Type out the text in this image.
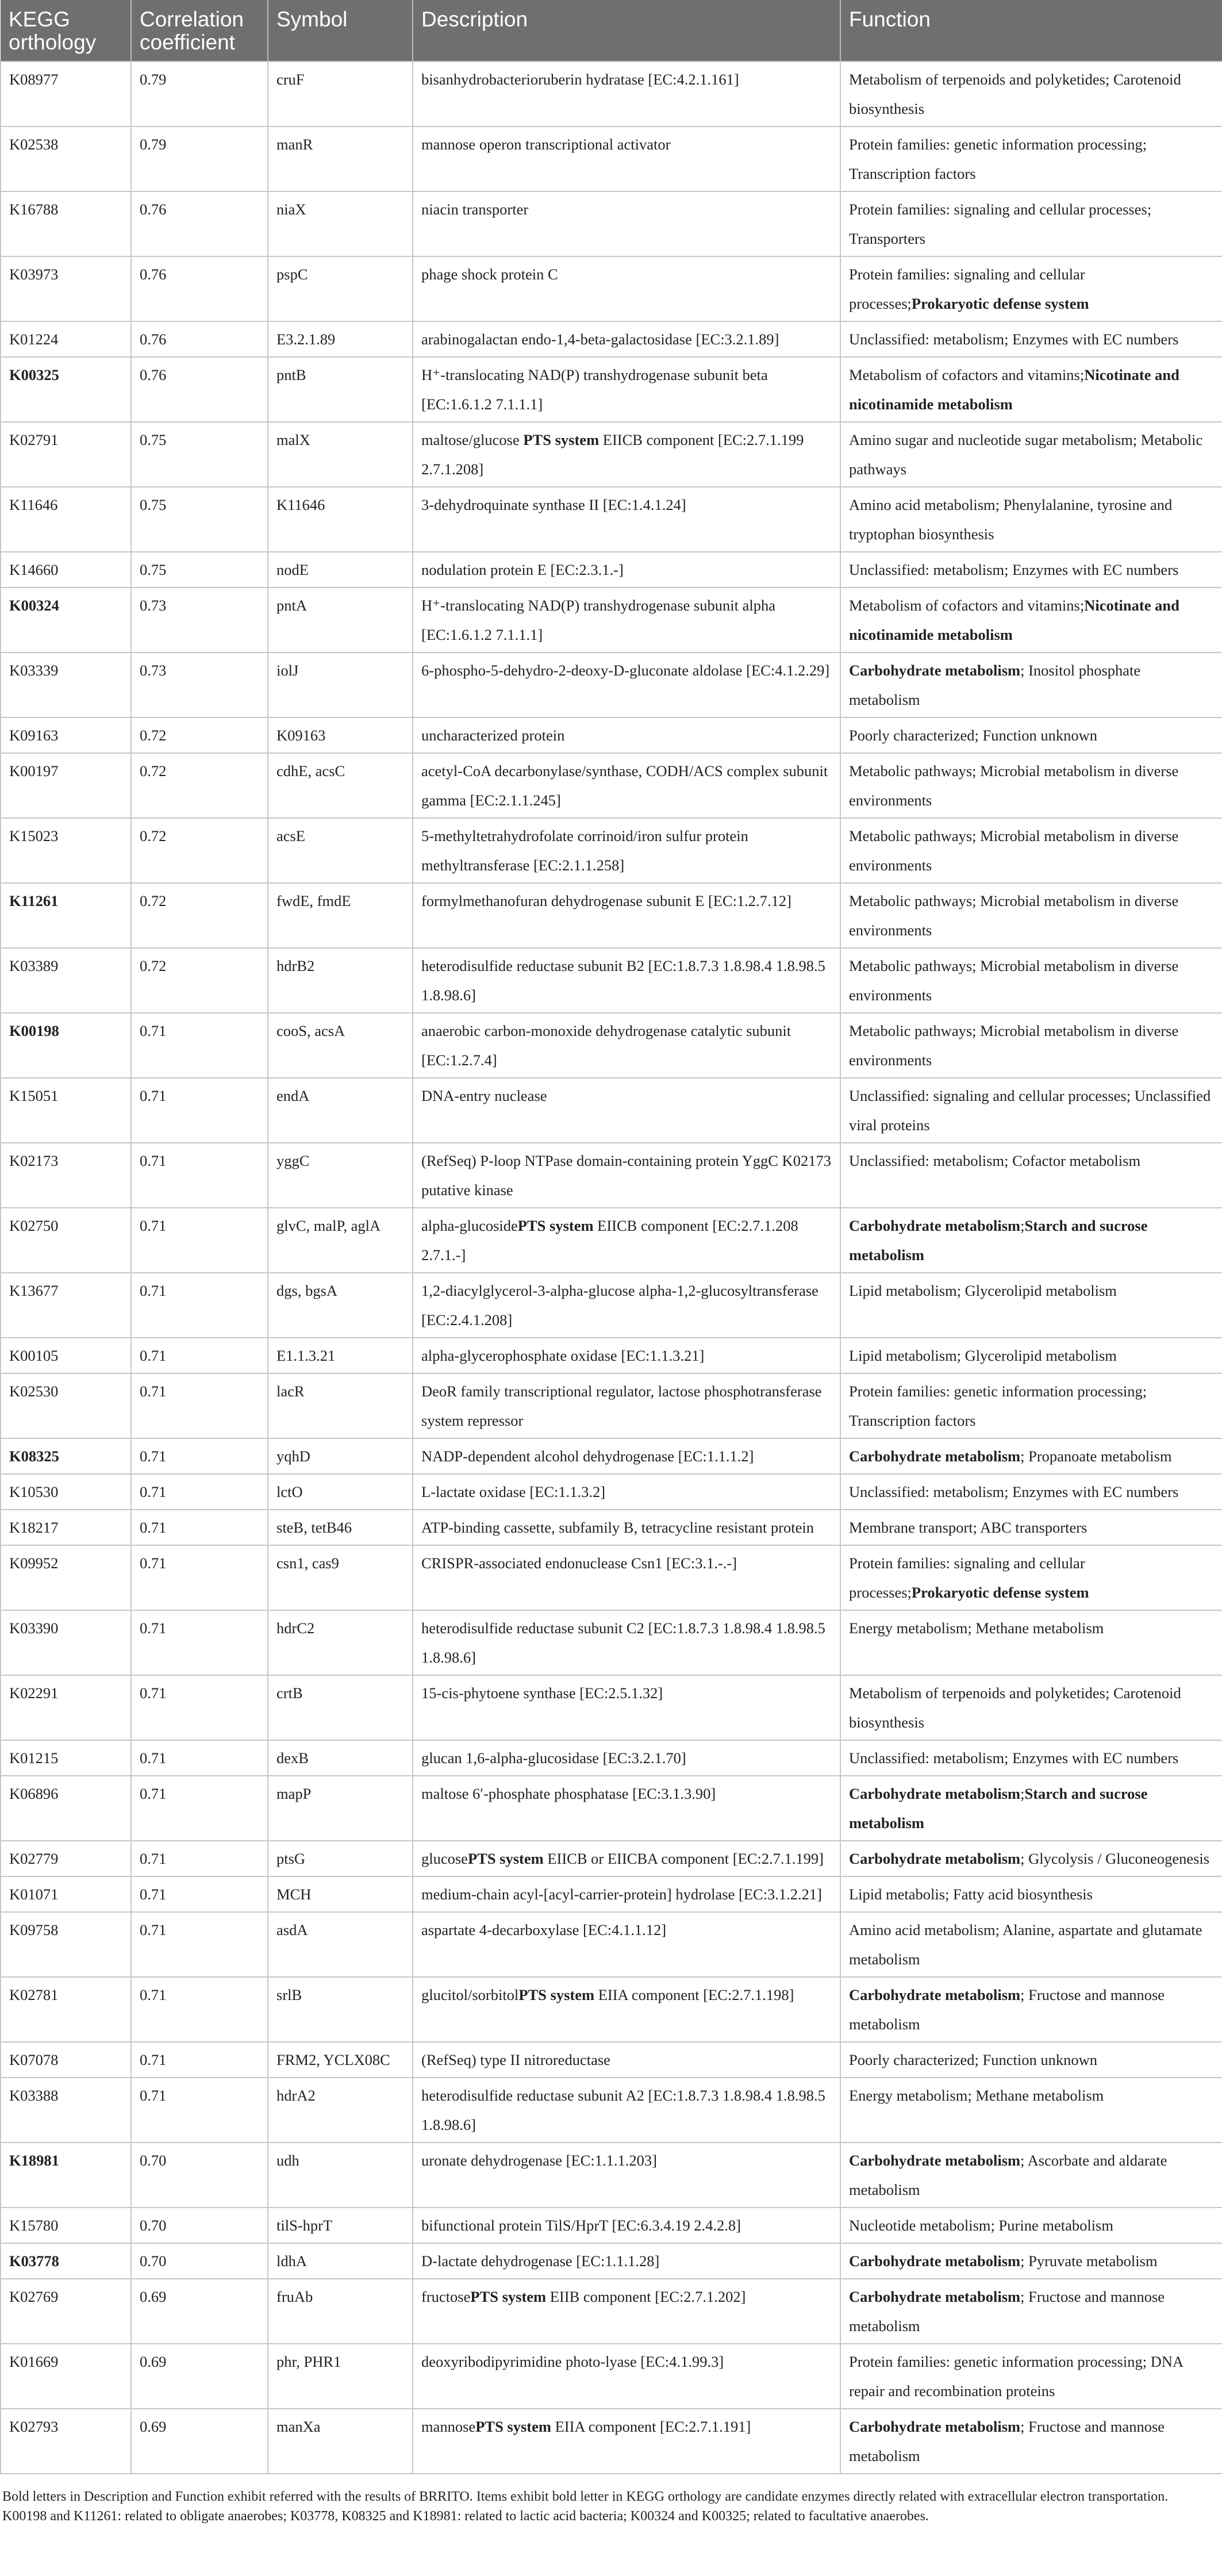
KEGG orthology	Correlation coefficient	Symbol	Description	Function
K08977	0.79	cruF	bisanhydrobacterioruberin hydratase [EC:4.2.1.161]	Metabolism of terpenoids and polyketides; Carotenoid biosynthesis
K02538	0.79	manR	mannose operon transcriptional activator	Protein families: genetic information processing; Transcription factors
K16788	0.76	niaX	niacin transporter	Protein families: signaling and cellular processes; Transporters
K03973	0.76	pspC	phage shock protein C	Protein families: signaling and cellular processes;Prokaryotic defense system
K01224	0.76	E3.2.1.89	arabinogalactan endo-1,4-beta-galactosidase [EC:3.2.1.89]	Unclassified: metabolism; Enzymes with EC numbers
K00325	0.76	pntB	H⁺-translocating NAD(P) transhydrogenase subunit beta [EC:1.6.1.2 7.1.1.1]	Metabolism of cofactors and vitamins;Nicotinate and nicotinamide metabolism
K02791	0.75	malX	maltose/glucose PTS system EIICB component [EC:2.7.1.199 2.7.1.208]	Amino sugar and nucleotide sugar metabolism; Metabolic pathways
K11646	0.75	K11646	3-dehydroquinate synthase II [EC:1.4.1.24]	Amino acid metabolism; Phenylalanine, tyrosine and tryptophan biosynthesis
K14660	0.75	nodE	nodulation protein E [EC:2.3.1.-]	Unclassified: metabolism; Enzymes with EC numbers
K00324	0.73	pntA	H⁺-translocating NAD(P) transhydrogenase subunit alpha [EC:1.6.1.2 7.1.1.1]	Metabolism of cofactors and vitamins;Nicotinate and nicotinamide metabolism
K03339	0.73	iolJ	6-phospho-5-dehydro-2-deoxy-D-gluconate aldolase [EC:4.1.2.29]	Carbohydrate metabolism; Inositol phosphate metabolism
K09163	0.72	K09163	uncharacterized protein	Poorly characterized; Function unknown
K00197	0.72	cdhE, acsC	acetyl-CoA decarbonylase/synthase, CODH/ACS complex subunit gamma [EC:2.1.1.245]	Metabolic pathways; Microbial metabolism in diverse environments
K15023	0.72	acsE	5-methyltetrahydrofolate corrinoid/iron sulfur protein methyltransferase [EC:2.1.1.258]	Metabolic pathways; Microbial metabolism in diverse environments
K11261	0.72	fwdE, fmdE	formylmethanofuran dehydrogenase subunit E [EC:1.2.7.12]	Metabolic pathways; Microbial metabolism in diverse environments
K03389	0.72	hdrB2	heterodisulfide reductase subunit B2 [EC:1.8.7.3 1.8.98.4 1.8.98.5 1.8.98.6]	Metabolic pathways; Microbial metabolism in diverse environments
K00198	0.71	cooS, acsA	anaerobic carbon-monoxide dehydrogenase catalytic subunit [EC:1.2.7.4]	Metabolic pathways; Microbial metabolism in diverse environments
K15051	0.71	endA	DNA-entry nuclease	Unclassified: signaling and cellular processes; Unclassified viral proteins
K02173	0.71	yggC	(RefSeq) P-loop NTPase domain-containing protein YggC K02173 putative kinase	Unclassified: metabolism; Cofactor metabolism
K02750	0.71	glvC, malP, aglA	alpha-glucosidePTS system EIICB component [EC:2.7.1.208 2.7.1.-]	Carbohydrate metabolism;Starch and sucrose metabolism
K13677	0.71	dgs, bgsA	1,2-diacylglycerol-3-alpha-glucose alpha-1,2-glucosyltransferase [EC:2.4.1.208]	Lipid metabolism; Glycerolipid metabolism
K00105	0.71	E1.1.3.21	alpha-glycerophosphate oxidase [EC:1.1.3.21]	Lipid metabolism; Glycerolipid metabolism
K02530	0.71	lacR	DeoR family transcriptional regulator, lactose phosphotransferase system repressor	Protein families: genetic information processing; Transcription factors
K08325	0.71	yqhD	NADP-dependent alcohol dehydrogenase [EC:1.1.1.2]	Carbohydrate metabolism; Propanoate metabolism
K10530	0.71	lctO	L-lactate oxidase [EC:1.1.3.2]	Unclassified: metabolism; Enzymes with EC numbers
K18217	0.71	steB, tetB46	ATP-binding cassette, subfamily B, tetracycline resistant protein	Membrane transport; ABC transporters
K09952	0.71	csn1, cas9	CRISPR-associated endonuclease Csn1 [EC:3.1.-.-]	Protein families: signaling and cellular processes;Prokaryotic defense system
K03390	0.71	hdrC2	heterodisulfide reductase subunit C2 [EC:1.8.7.3 1.8.98.4 1.8.98.5 1.8.98.6]	Energy metabolism; Methane metabolism
K02291	0.71	crtB	15-cis-phytoene synthase [EC:2.5.1.32]	Metabolism of terpenoids and polyketides; Carotenoid biosynthesis
K01215	0.71	dexB	glucan 1,6-alpha-glucosidase [EC:3.2.1.70]	Unclassified: metabolism; Enzymes with EC numbers
K06896	0.71	mapP	maltose 6′-phosphate phosphatase [EC:3.1.3.90]	Carbohydrate metabolism;Starch and sucrose metabolism
K02779	0.71	ptsG	glucosePTS system EIICB or EIICBA component [EC:2.7.1.199]	Carbohydrate metabolism; Glycolysis / Gluconeogenesis
K01071	0.71	MCH	medium-chain acyl-[acyl-carrier-protein] hydrolase [EC:3.1.2.21]	Lipid metabolis; Fatty acid biosynthesis
K09758	0.71	asdA	aspartate 4-decarboxylase [EC:4.1.1.12]	Amino acid metabolism; Alanine, aspartate and glutamate metabolism
K02781	0.71	srlB	glucitol/sorbitolPTS system EIIA component [EC:2.7.1.198]	Carbohydrate metabolism; Fructose and mannose metabolism
K07078	0.71	FRM2, YCLX08C	(RefSeq) type II nitroreductase	Poorly characterized; Function unknown
K03388	0.71	hdrA2	heterodisulfide reductase subunit A2 [EC:1.8.7.3 1.8.98.4 1.8.98.5 1.8.98.6]	Energy metabolism; Methane metabolism
K18981	0.70	udh	uronate dehydrogenase [EC:1.1.1.203]	Carbohydrate metabolism; Ascorbate and aldarate metabolism
K15780	0.70	tilS-hprT	bifunctional protein TilS/HprT [EC:6.3.4.19 2.4.2.8]	Nucleotide metabolism; Purine metabolism
K03778	0.70	ldhA	D-lactate dehydrogenase [EC:1.1.1.28]	Carbohydrate metabolism; Pyruvate metabolism
K02769	0.69	fruAb	fructosePTS system EIIB component [EC:2.7.1.202]	Carbohydrate metabolism; Fructose and mannose metabolism
K01669	0.69	phr, PHR1	deoxyribodipyrimidine photo-lyase [EC:4.1.99.3]	Protein families: genetic information processing; DNA repair and recombination proteins
K02793	0.69	manXa	mannosePTS system EIIA component [EC:2.7.1.191]	Carbohydrate metabolism; Fructose and mannose metabolism
Bold letters in Description and Function exhibit referred with the results of BRRITO. Items exhibit bold letter in KEGG orthology are candidate enzymes directly related with extracellular electron transportation. K00198 and K11261: related to obligate anaerobes; K03778, K08325 and K18981: related to lactic acid bacteria; K00324 and K00325; related to facultative anaerobes.
